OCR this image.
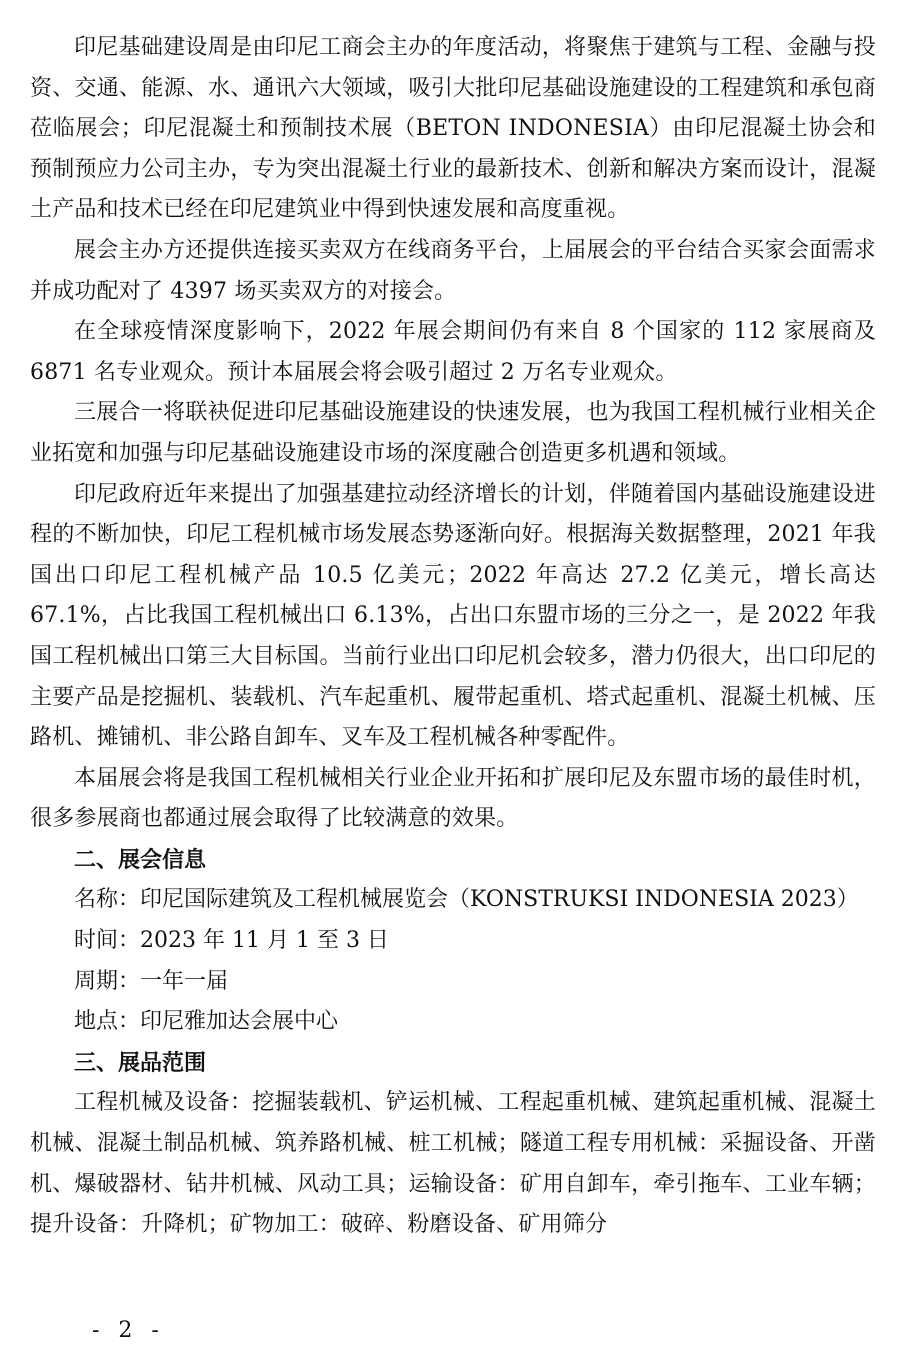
印尼基础建设周是由印尼工商会主办的年度活动，将聚焦于建筑与工程、金融与投资、交通、能源、水、通讯六大领域，吸引大批印尼基础设施建设的工程建筑和承包商莅临展会；印尼混凝土和预制技术展（BETON INDONESIA）由印尼混凝土协会和预制预应力公司主办，专为突出混凝土行业的最新技术、创新和解决方案而设计，混凝土产品和技术已经在印尼建筑业中得到快速发展和高度重视。

展会主办方还提供连接买卖双方在线商务平台，上届展会的平台结合买家会面需求并成功配对了 4397 场买卖双方的对接会。

在全球疫情深度影响下，2022 年展会期间仍有来自 8 个国家的 112 家展商及 6871 名专业观众。预计本届展会将会吸引超过 2 万名专业观众。

三展合一将联袂促进印尼基础设施建设的快速发展，也为我国工程机械行业相关企业拓宽和加强与印尼基础设施建设市场的深度融合创造更多机遇和领域。

印尼政府近年来提出了加强基建拉动经济增长的计划，伴随着国内基础设施建设进程的不断加快，印尼工程机械市场发展态势逐渐向好。根据海关数据整理，2021 年我国出口印尼工程机械产品 10.5 亿美元；2022 年高达 27.2 亿美元，增长高达 67.1%，占比我国工程机械出口 6.13%，占出口东盟市场的三分之一，是 2022 年我国工程机械出口第三大目标国。当前行业出口印尼机会较多，潜力仍很大，出口印尼的主要产品是挖掘机、装载机、汽车起重机、履带起重机、塔式起重机、混凝土机械、压路机、摊铺机、非公路自卸车、叉车及工程机械各种零配件。

本届展会将是我国工程机械相关行业企业开拓和扩展印尼及东盟市场的最佳时机，很多参展商也都通过展会取得了比较满意的效果。

二、展会信息

名称：印尼国际建筑及工程机械展览会（KONSTRUKSI INDONESIA 2023）

时间：2023 年 11 月 1 至 3 日

周期：一年一届

地点：印尼雅加达会展中心

三、展品范围

工程机械及设备：挖掘装载机、铲运机械、工程起重机械、建筑起重机械、混凝土机械、混凝土制品机械、筑养路机械、桩工机械；隧道工程专用机械：采掘设备、开凿机、爆破器材、钻井机械、风动工具；运输设备：矿用自卸车，牵引拖车、工业车辆；提升设备：升降机；矿物加工：破碎、粉磨设备、矿用筛分

- 2 -
